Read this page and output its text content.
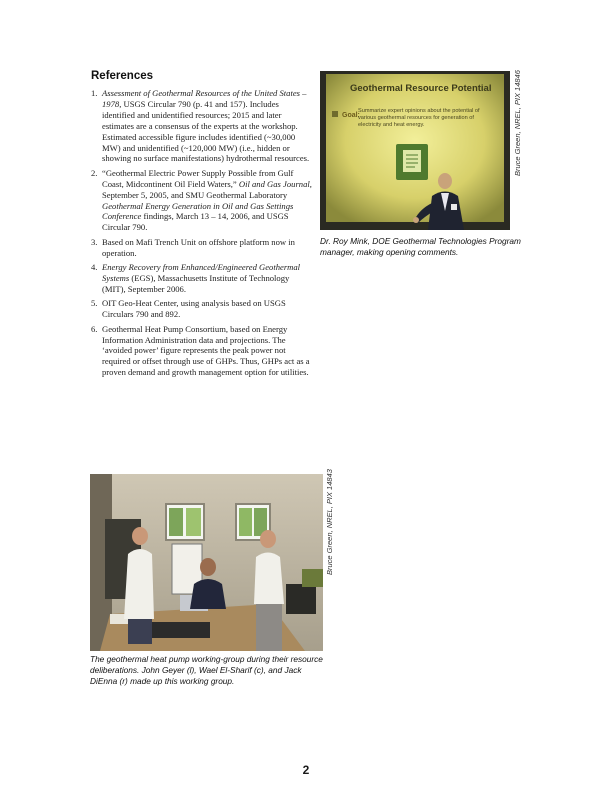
References
1. Assessment of Geothermal Resources of the United States – 1978, USGS Circular 790 (p. 41 and 157). Includes identified and unidentified resources; 2015 and later estimates are a consensus of the experts at the workshop. Estimated accessible figure includes identified (~30,000 MW) and unidentified (~120,000 MW) (i.e., hidden or showing no surface manifestations) hydrothermal resources.
2. “Geothermal Electric Power Supply Possible from Gulf Coast, Midcontinent Oil Field Waters,” Oil and Gas Journal, September 5, 2005, and SMU Geothermal Laboratory Geothermal Energy Generation in Oil and Gas Settings Conference findings, March 13 – 14, 2006, and USGS Circular 790.
3. Based on Mafi Trench Unit on offshore platform now in operation.
4. Energy Recovery from Enhanced/Engineered Geothermal Systems (EGS), Massachusetts Institute of Technology (MIT), September 2006.
5. OIT Geo-Heat Center, using analysis based on USGS Circulars 790 and 892.
6. Geothermal Heat Pump Consortium, based on Energy Information Administration data and projections. The ‘avoided power’ figure represents the peak power not required or offset through use of GHPs. Thus, GHPs act as a proven demand and growth management option for utilities.
Geothermal Resource Potential
Goal:
Summarize expert opinions about the potential of various geothermal resources for generation of electricity and heat energy.	Bruce Green, NREL, PIX 14846
Dr. Roy Mink, DOE Geothermal Technologies Program manager, making opening comments.
Bruce Green, NREL, PIX 14843
The geothermal heat pump working-group during their resource deliberations. John Geyer (l), Wael El-Sharif (c), and Jack DiEnna (r) made up this working group.
2
